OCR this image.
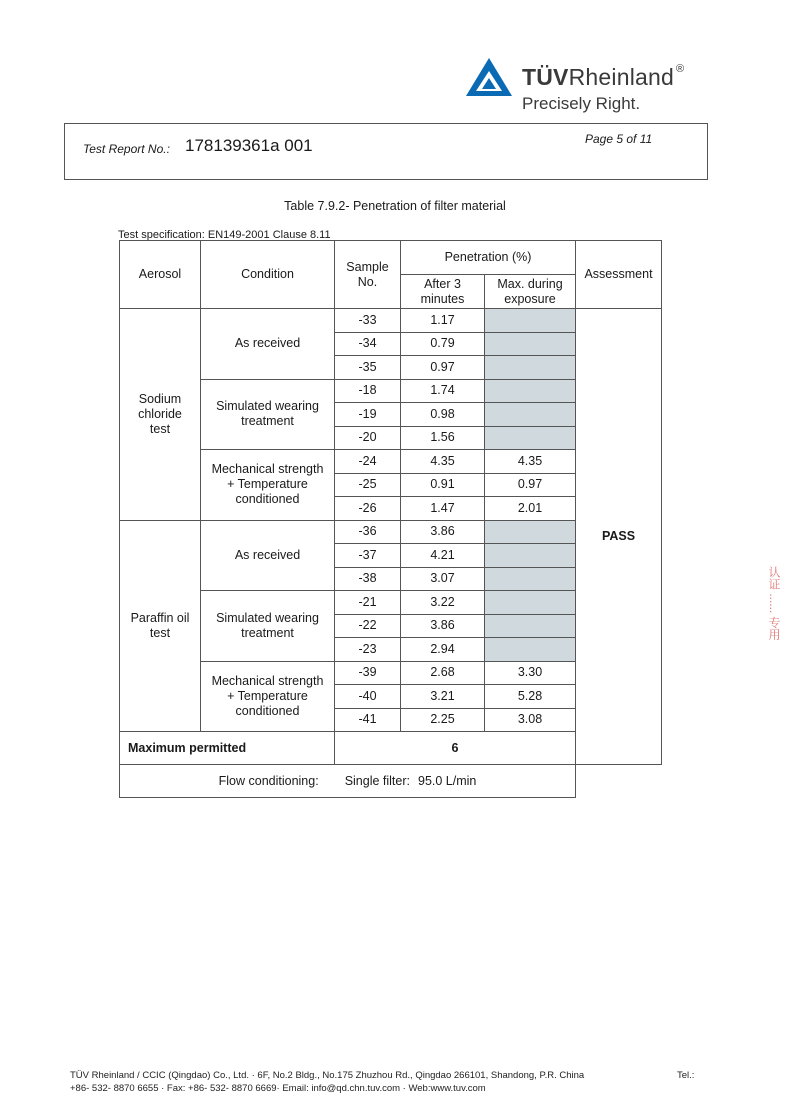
TÜVRheinland ®
Precisely Right.
Test Report No.: 178139361a 001	Page 5 of 11
Table 7.9.2- Penetration of filter material
Test specification: EN149-2001 Clause 8.11
Aerosol	Condition	Sample No.	Penetration (%)		Assessment
			After 3 minutes	Max. during exposure	
Sodium chloride test	As received	-33	1.17		PASS
		-34	0.79		
		-35	0.97		
	Simulated wearing treatment	-18	1.74		
		-19	0.98		
		-20	1.56		
	Mechanical strength + Temperature conditioned	-24	4.35	4.35	
		-25	0.91	0.97	
		-26	1.47	2.01	
Paraffin oil test	As received	-36	3.86		
		-37	4.21		
		-38	3.07		
	Simulated wearing treatment	-21	3.22		
		-22	3.86		
		-23	2.94		
	Mechanical strength + Temperature conditioned	-39	2.68	3.30	
		-40	3.21	5.28	
		-41	2.25	3.08	
Maximum permitted		6			

Flow conditioning: Single filter: 95.0 L/min					
认证 ...... 专用
TÜV Rheinland / CCIC (Qingdao) Co., Ltd. · 6F, No.2 Bldg., No.175 Zhuzhou Rd., Qingdao 266101, Shandong, P.R. China
+86- 532- 8870 6655 · Fax: +86- 532- 8870 6669· Email: info@qd.chn.tuv.com · Web:www.tuv.com
Tel.:
